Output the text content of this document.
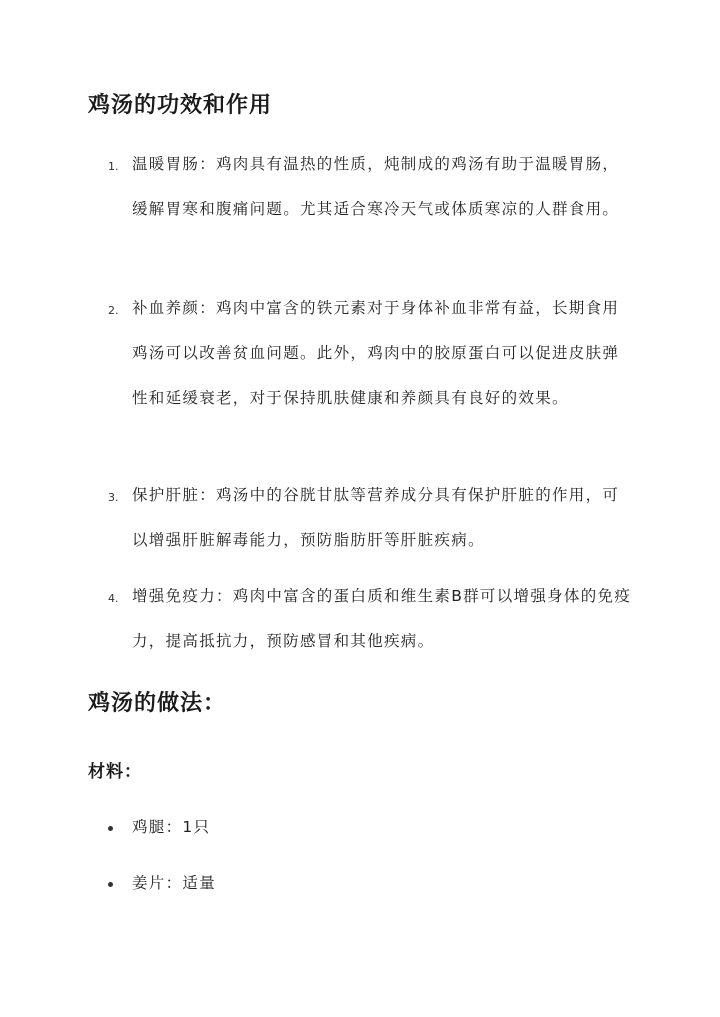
鸡汤的功效和作用
1. 温暖胃肠：鸡肉具有温热的性质，炖制成的鸡汤有助于温暖胃肠，缓解胃寒和腹痛问题。尤其适合寒冷天气或体质寒凉的人群食用。
2. 补血养颜：鸡肉中富含的铁元素对于身体补血非常有益，长期食用鸡汤可以改善贫血问题。此外，鸡肉中的胶原蛋白可以促进皮肤弹性和延缓衰老，对于保持肌肤健康和养颜具有良好的效果。
3. 保护肝脏：鸡汤中的谷胱甘肽等营养成分具有保护肝脏的作用，可以增强肝脏解毒能力，预防脂肪肝等肝脏疾病。
4. 增强免疫力：鸡肉中富含的蛋白质和维生素B群可以增强身体的免疫力，提高抵抗力，预防感冒和其他疾病。
鸡汤的做法：
材料：
鸡腿：1只
姜片：适量
